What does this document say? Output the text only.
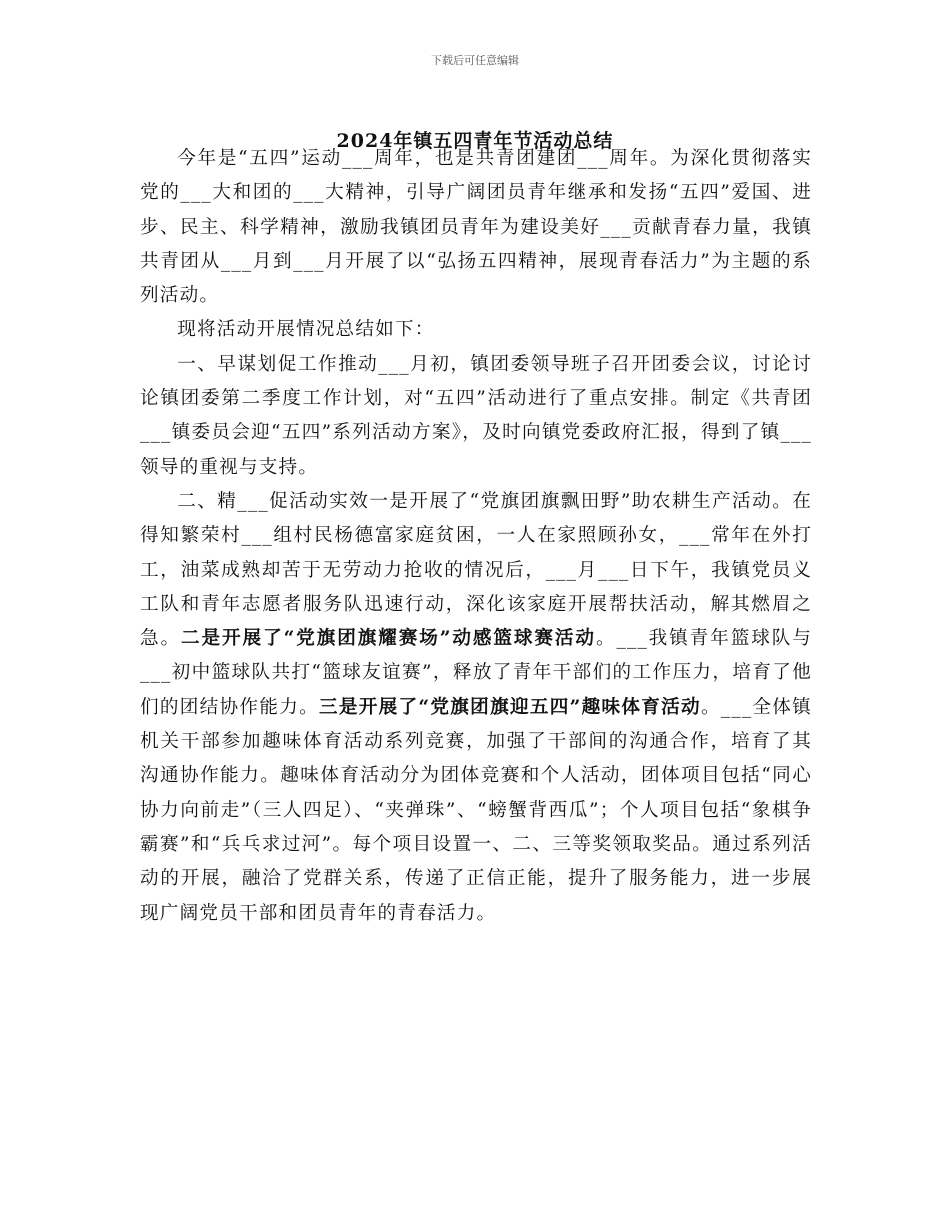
下载后可任意编辑
2024年镇五四青年节活动总结

今年是“五四”运动___周年，也是共青团建团___周年。为深化贯彻落实党的___大和团的___大精神，引导广阔团员青年继承和发扬“五四”爱国、进步、民主、科学精神，激励我镇团员青年为建设美好___贡献青春力量，我镇共青团从___月到___月开展了以“弘扬五四精神，展现青春活力”为主题的系列活动。

现将活动开展情况总结如下：

一、早谋划促工作推动___月初，镇团委领导班子召开团委会议，讨论讨论镇团委第二季度工作计划，对“五四”活动进行了重点安排。制定《共青团___镇委员会迎“五四”系列活动方案》，及时向镇党委政府汇报，得到了镇___领导的重视与支持。

二、精___促活动实效一是开展了“党旗团旗飘田野”助农耕生产活动。在得知繁荣村___组村民杨德富家庭贫困，一人在家照顾孙女，___常年在外打工，油菜成熟却苦于无劳动力抢收的情况后，___月___日下午，我镇党员义工队和青年志愿者服务队迅速行动，深化该家庭开展帮扶活动，解其燃眉之急。二是开展了“党旗团旗耀赛场”动感篮球赛活动。___我镇青年篮球队与___初中篮球队共打“篮球友谊赛”，释放了青年干部们的工作压力，培育了他们的团结协作能力。三是开展了“党旗团旗迎五四”趣味体育活动。___全体镇机关干部参加趣味体育活动系列竞赛，加强了干部间的沟通合作，培育了其沟通协作能力。趣味体育活动分为团体竞赛和个人活动，团体项目包括“同心协力向前走”（三人四足）、“夹弹珠”、“螃蟹背西瓜”；个人项目包括“象棋争霸赛”和“兵乓求过河”。每个项目设置一、二、三等奖领取奖品。通过系列活动的开展，融洽了党群关系，传递了正信正能，提升了服务能力，进一步展现广阔党员干部和团员青年的青春活力。
